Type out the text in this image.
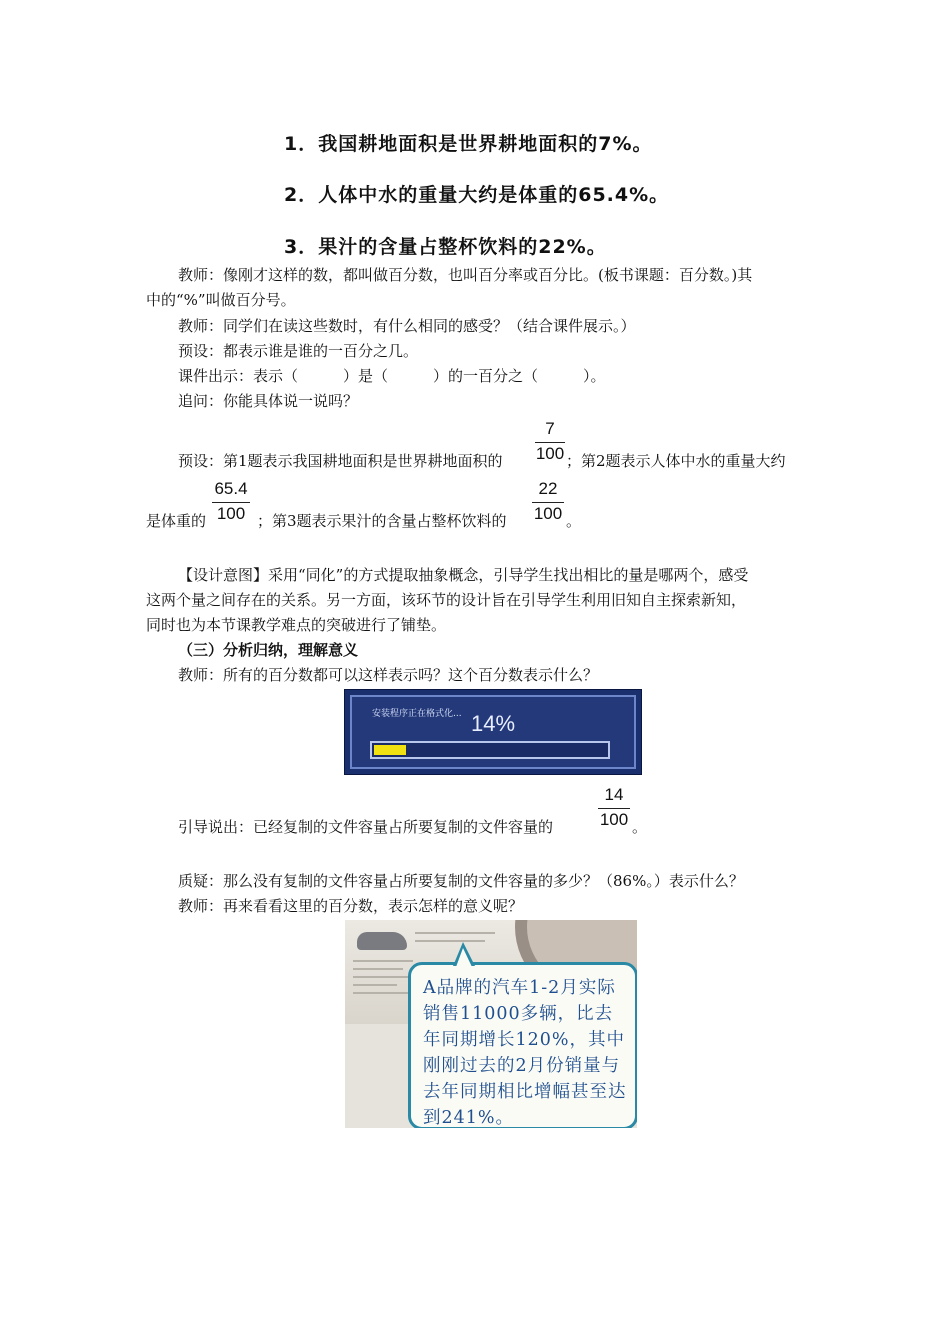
1．我国耕地面积是世界耕地面积的7%。
2．人体中水的重量大约是体重的65.4%。
3．果汁的含量占整杯饮料的22%。
教师：像刚才这样的数，都叫做百分数，也叫百分率或百分比。(板书课题：百分数。)其
中的“%”叫做百分号。
教师：同学们在读这些数时，有什么相同的感受？（结合课件展示。）
预设：都表示谁是谁的一百分之几。
课件出示：表示（　　　）是（　　　）的一百分之（　　　）。
追问：你能具体说一说吗？
预设：第1题表示我国耕地面积是世界耕地面积的
7
100 ；第2题表示人体中水的重量大约
是体重的
65.4
100 ；第3题表示果汁的含量占整杯饮料的
22
100 。
【设计意图】采用“同化”的方式提取抽象概念，引导学生找出相比的量是哪两个，感受
这两个量之间存在的关系。另一方面，该环节的设计旨在引导学生利用旧知自主探索新知，
同时也为本节课教学难点的突破进行了铺垫。
（三）分析归纳，理解意义
教师：所有的百分数都可以这样表示吗？这个百分数表示什么？
安装程序正在格式化... 14%
引导说出：已经复制的文件容量占所要复制的文件容量的
14
100 。
质疑：那么没有复制的文件容量占所要复制的文件容量的多少？（86%。）表示什么？
教师：再来看看这里的百分数，表示怎样的意义呢？
A品牌的汽车1-2月实际销售11000多辆，比去年同期增长120%，其中刚刚过去的2月份销量与去年同期相比增幅甚至达到241%。
